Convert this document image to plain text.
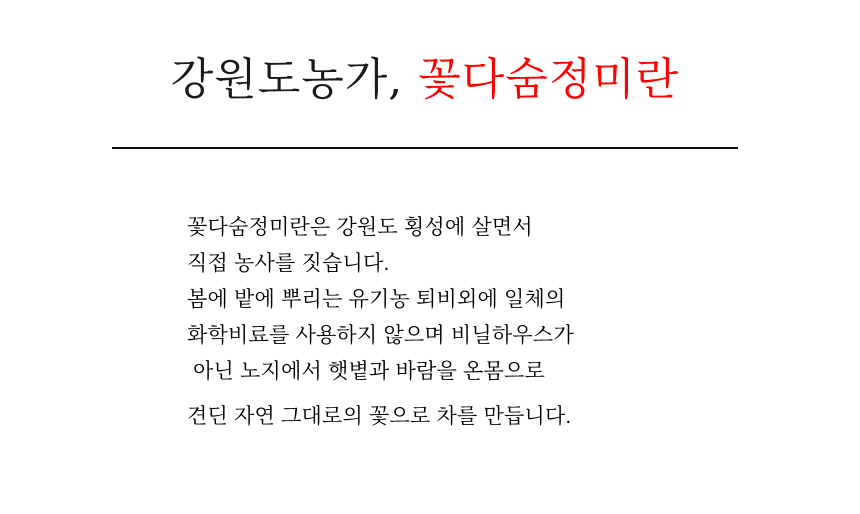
강원도농가, 꽃다숨정미란
꽃다숨정미란은 강원도 횡성에 살면서
직접 농사를 짓습니다.
봄에 밭에 뿌리는 유기농 퇴비외에 일체의
화학비료를 사용하지 않으며 비닐하우스가
아닌 노지에서 햇볕과 바람을 온몸으로
견딘 자연 그대로의 꽃으로 차를 만듭니다.
